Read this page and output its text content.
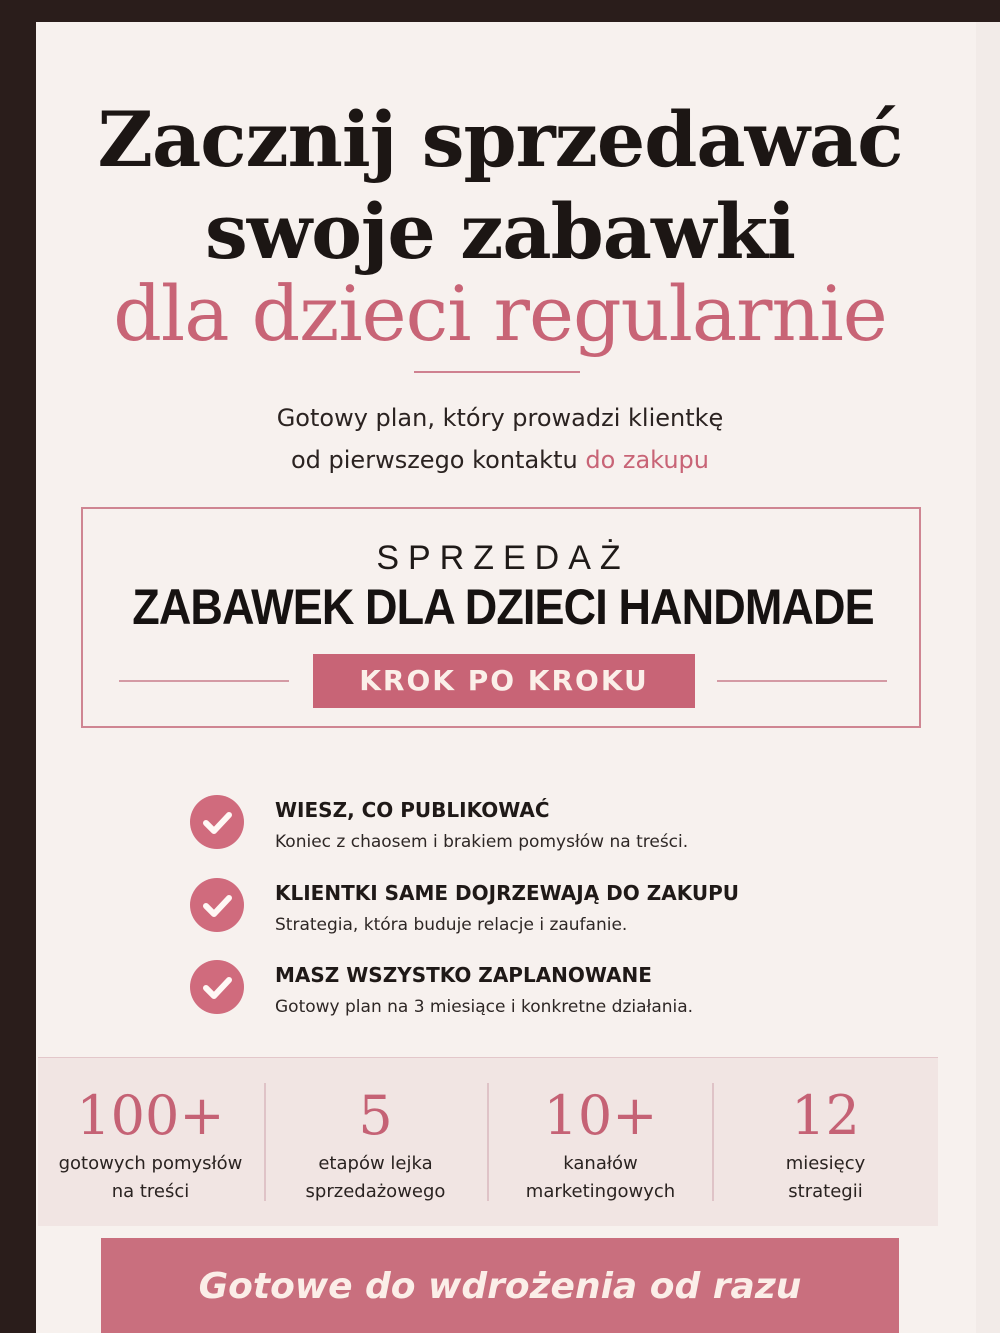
Zacznij sprzedawać
swoje zabawki
dla dzieci regularnie
Gotowy plan, który prowadzi klientkę
od pierwszego kontaktu do zakupu
SPRZEDAŻ
ZABAWEK DLA DZIECI HANDMADE
KROK PO KROKU
WIESZ, CO PUBLIKOWAĆ
Koniec z chaosem i brakiem pomysłów na treści.
KLIENTKI SAME DOJRZEWAJĄ DO ZAKUPU
Strategia, która buduje relacje i zaufanie.
MASZ WSZYSTKO ZAPLANOWANE
Gotowy plan na 3 miesiące i konkretne działania.
100+
gotowych pomysłów
na treści
5
etapów lejka
sprzedażowego
10+
kanałów
marketingowych
12
miesięcy
strategii
Gotowe do wdrożenia od razu
